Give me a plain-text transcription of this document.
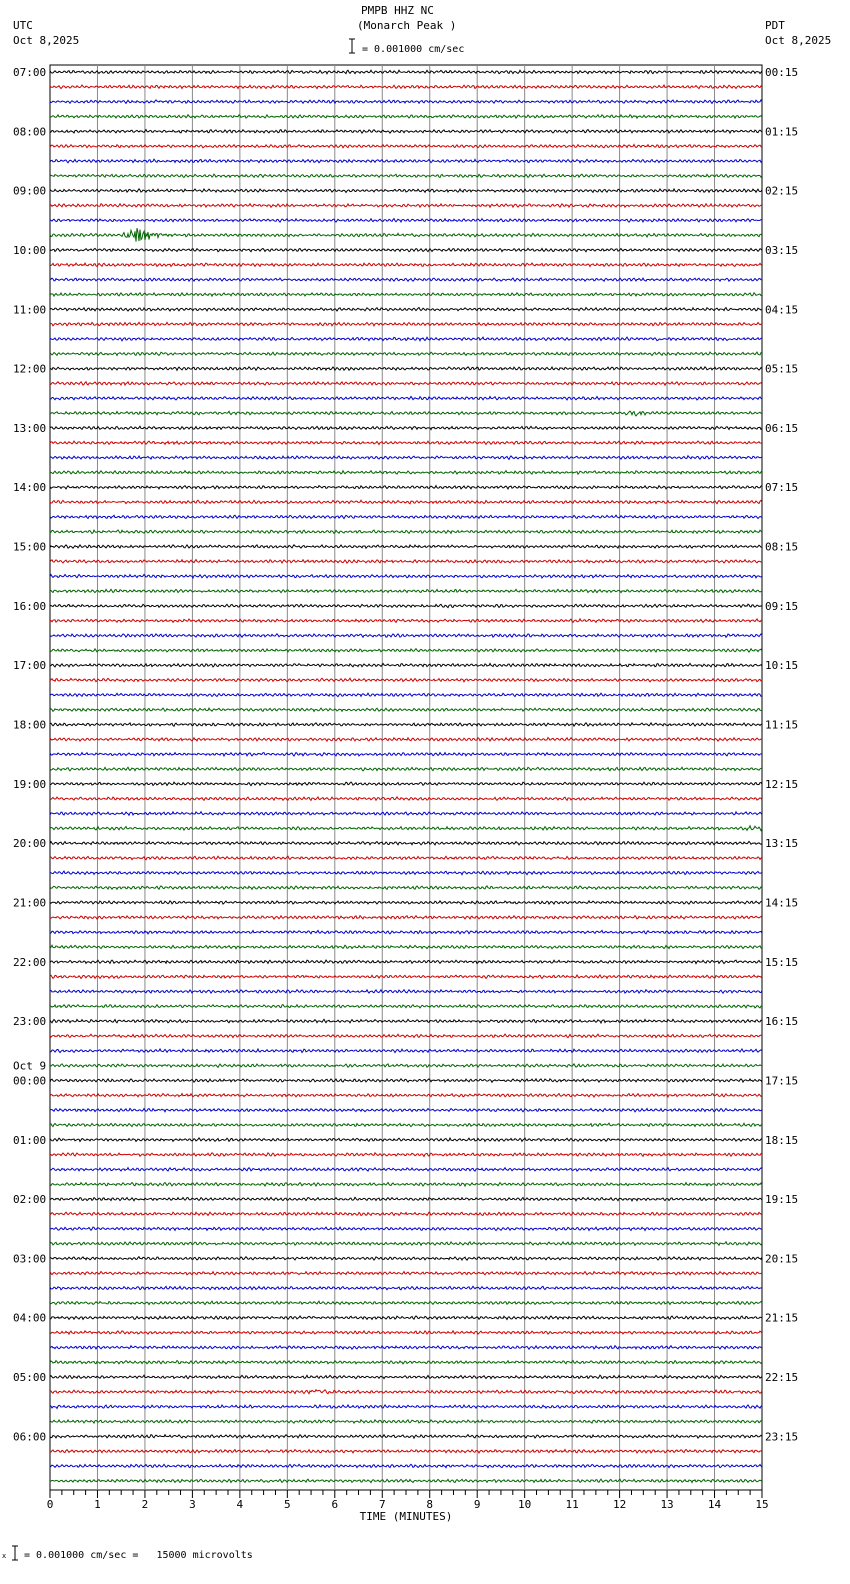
PMPB HHZ NC
(Monarch Peak )
UTC
Oct 8,2025
PDT
Oct 8,2025
= 0.001000 cm/sec
07:00	00:15
08:00	01:15
09:00	02:15
10:00	03:15
11:00	04:15
12:00	05:15
13:00	06:15
14:00	07:15
15:00	08:15
16:00	09:15
17:00	10:15
18:00	11:15
19:00	12:15
20:00	13:15
21:00	14:15
22:00	15:15
23:00	16:15
00:00	17:15
Oct 9
01:00	18:15
02:00	19:15
03:00	20:15
04:00	21:15
05:00	22:15
06:00	23:15
0	1	2	3	4	5	6	7	8	9	10	11	12	13	14	15
TIME (MINUTES)
x = 0.001000 cm/sec =   15000 microvolts
